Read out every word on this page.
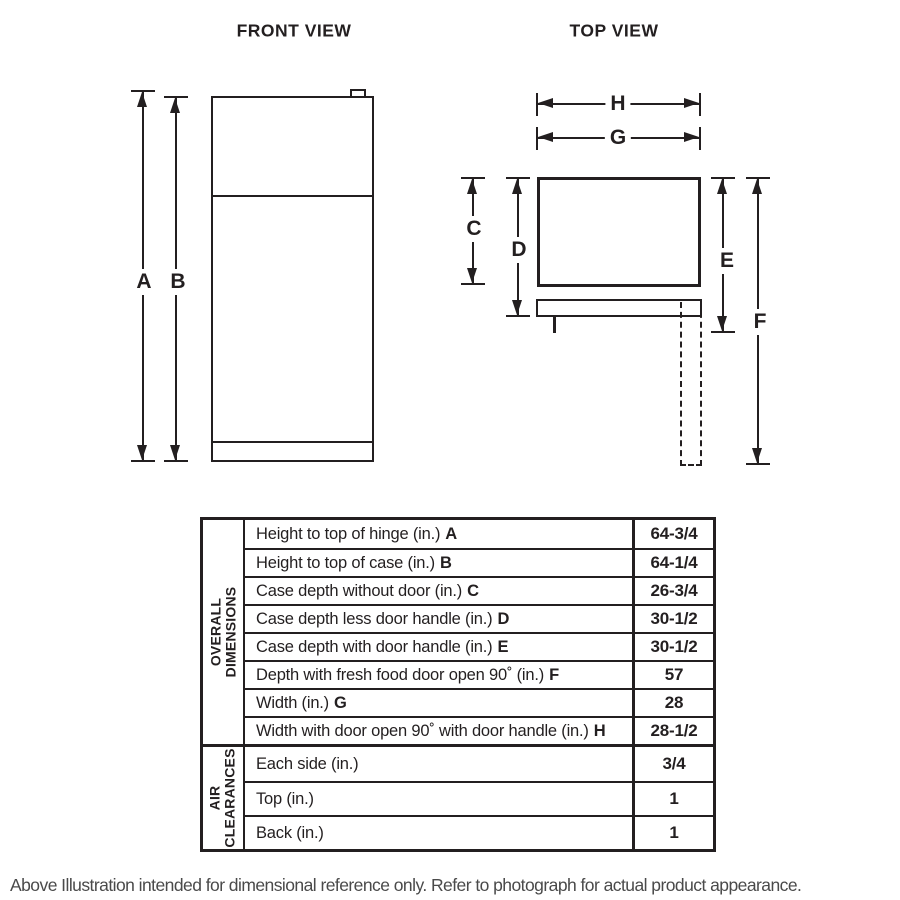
FRONT VIEW
A B
TOP VIEW
H
G
C
D	E
F
OVERALL DIMENSIONS
Height to top of hinge (in.) A	64-3/4
Height to top of case (in.) B	64-1/4
Case depth without door (in.) C	26-3/4
Case depth less door handle (in.) D	30-1/2
Case depth with door handle (in.) E	30-1/2
Depth with fresh food door open 90˚ (in.) F	57
Width (in.) G	28
Width with door open 90˚ with door handle (in.) H	28-1/2
AIR CLEARANCES Each side (in.)	3/4
Top (in.)	1
Back (in.)	1
Above Illustration intended for dimensional reference only. Refer to photograph for actual product appearance.
